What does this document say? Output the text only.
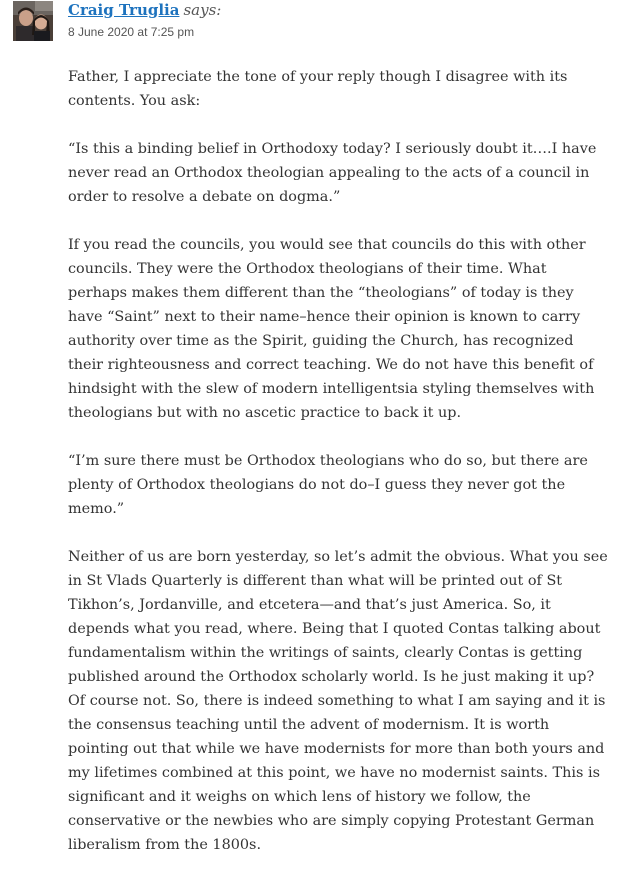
Craig Truglia says:
8 June 2020 at 7:25 pm

Father, I appreciate the tone of your reply though I disagree with its contents. You ask:

“Is this a binding belief in Orthodoxy today? I seriously doubt it….I have never read an Orthodox theologian appealing to the acts of a council in order to resolve a debate on dogma.”

If you read the councils, you would see that councils do this with other councils. They were the Orthodox theologians of their time. What perhaps makes them different than the “theologians” of today is they have “Saint” next to their name–hence their opinion is known to carry authority over time as the Spirit, guiding the Church, has recognized their righteousness and correct teaching. We do not have this benefit of hindsight with the slew of modern intelligentsia styling themselves with theologians but with no ascetic practice to back it up.

“I’m sure there must be Orthodox theologians who do so, but there are plenty of Orthodox theologians do not do–I guess they never got the memo.”

Neither of us are born yesterday, so let’s admit the obvious. What you see in St Vlads Quarterly is different than what will be printed out of St Tikhon’s, Jordanville, and etcetera—and that’s just America. So, it depends what you read, where. Being that I quoted Contas talking about fundamentalism within the writings of saints, clearly Contas is getting published around the Orthodox scholarly world. Is he just making it up? Of course not. So, there is indeed something to what I am saying and it is the consensus teaching until the advent of modernism. It is worth pointing out that while we have modernists for more than both yours and my lifetimes combined at this point, we have no modernist saints. This is significant and it weighs on which lens of history we follow, the conservative or the newbies who are simply copying Protestant German liberalism from the 1800s.
